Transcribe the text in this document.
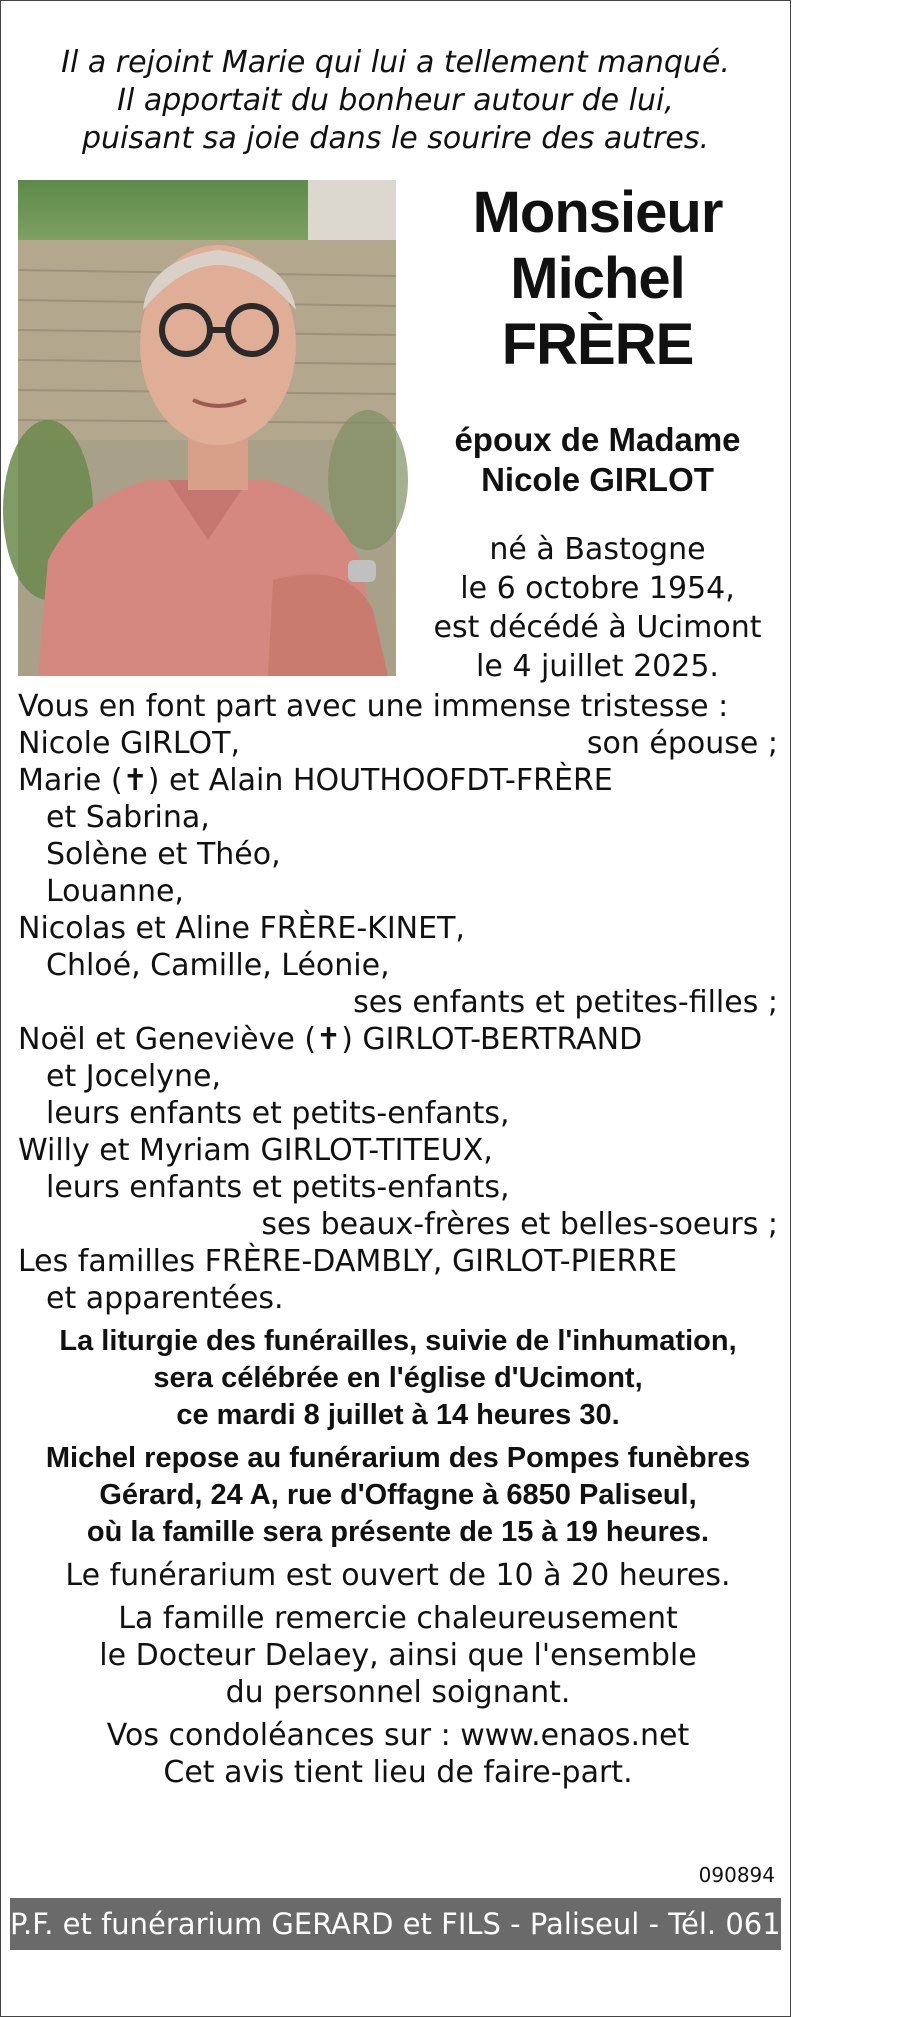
Il a rejoint Marie qui lui a tellement manqué.
Il apportait du bonheur autour de lui,
puisant sa joie dans le sourire des autres.
Monsieur
Michel
FRÈRE
époux de Madame
Nicole GIRLOT
né à Bastogne
le 6 octobre 1954,
est décédé à Ucimont
le 4 juillet 2025.
Vous en font part avec une immense tristesse :
Nicole GIRLOT,	son épouse ;
Marie (✝) et Alain HOUTHOOFDT-FRÈRE
et Sabrina,
Solène et Théo,
Louanne,
Nicolas et Aline FRÈRE-KINET,
Chloé, Camille, Léonie,
ses enfants et petites-filles ;
Noël et Geneviève (✝) GIRLOT-BERTRAND
et Jocelyne,
leurs enfants et petits-enfants,
Willy et Myriam GIRLOT-TITEUX,
leurs enfants et petits-enfants,
ses beaux-frères et belles-soeurs ;
Les familles FRÈRE-DAMBLY, GIRLOT-PIERRE
et apparentées.
La liturgie des funérailles, suivie de l'inhumation,
sera célébrée en l'église d'Ucimont,
ce mardi 8 juillet à 14 heures 30.
Michel repose au funérarium des Pompes funèbres
Gérard, 24 A, rue d'Offagne à 6850 Paliseul,
où la famille sera présente de 15 à 19 heures.
Le funérarium est ouvert de 10 à 20 heures.
La famille remercie chaleureusement
le Docteur Delaey, ainsi que l'ensemble
du personnel soignant.
Vos condoléances sur : www.enaos.net
Cet avis tient lieu de faire-part.
090894
P.F. et funérarium GERARD et FILS - Paliseul - Tél. 061 53 32 84
